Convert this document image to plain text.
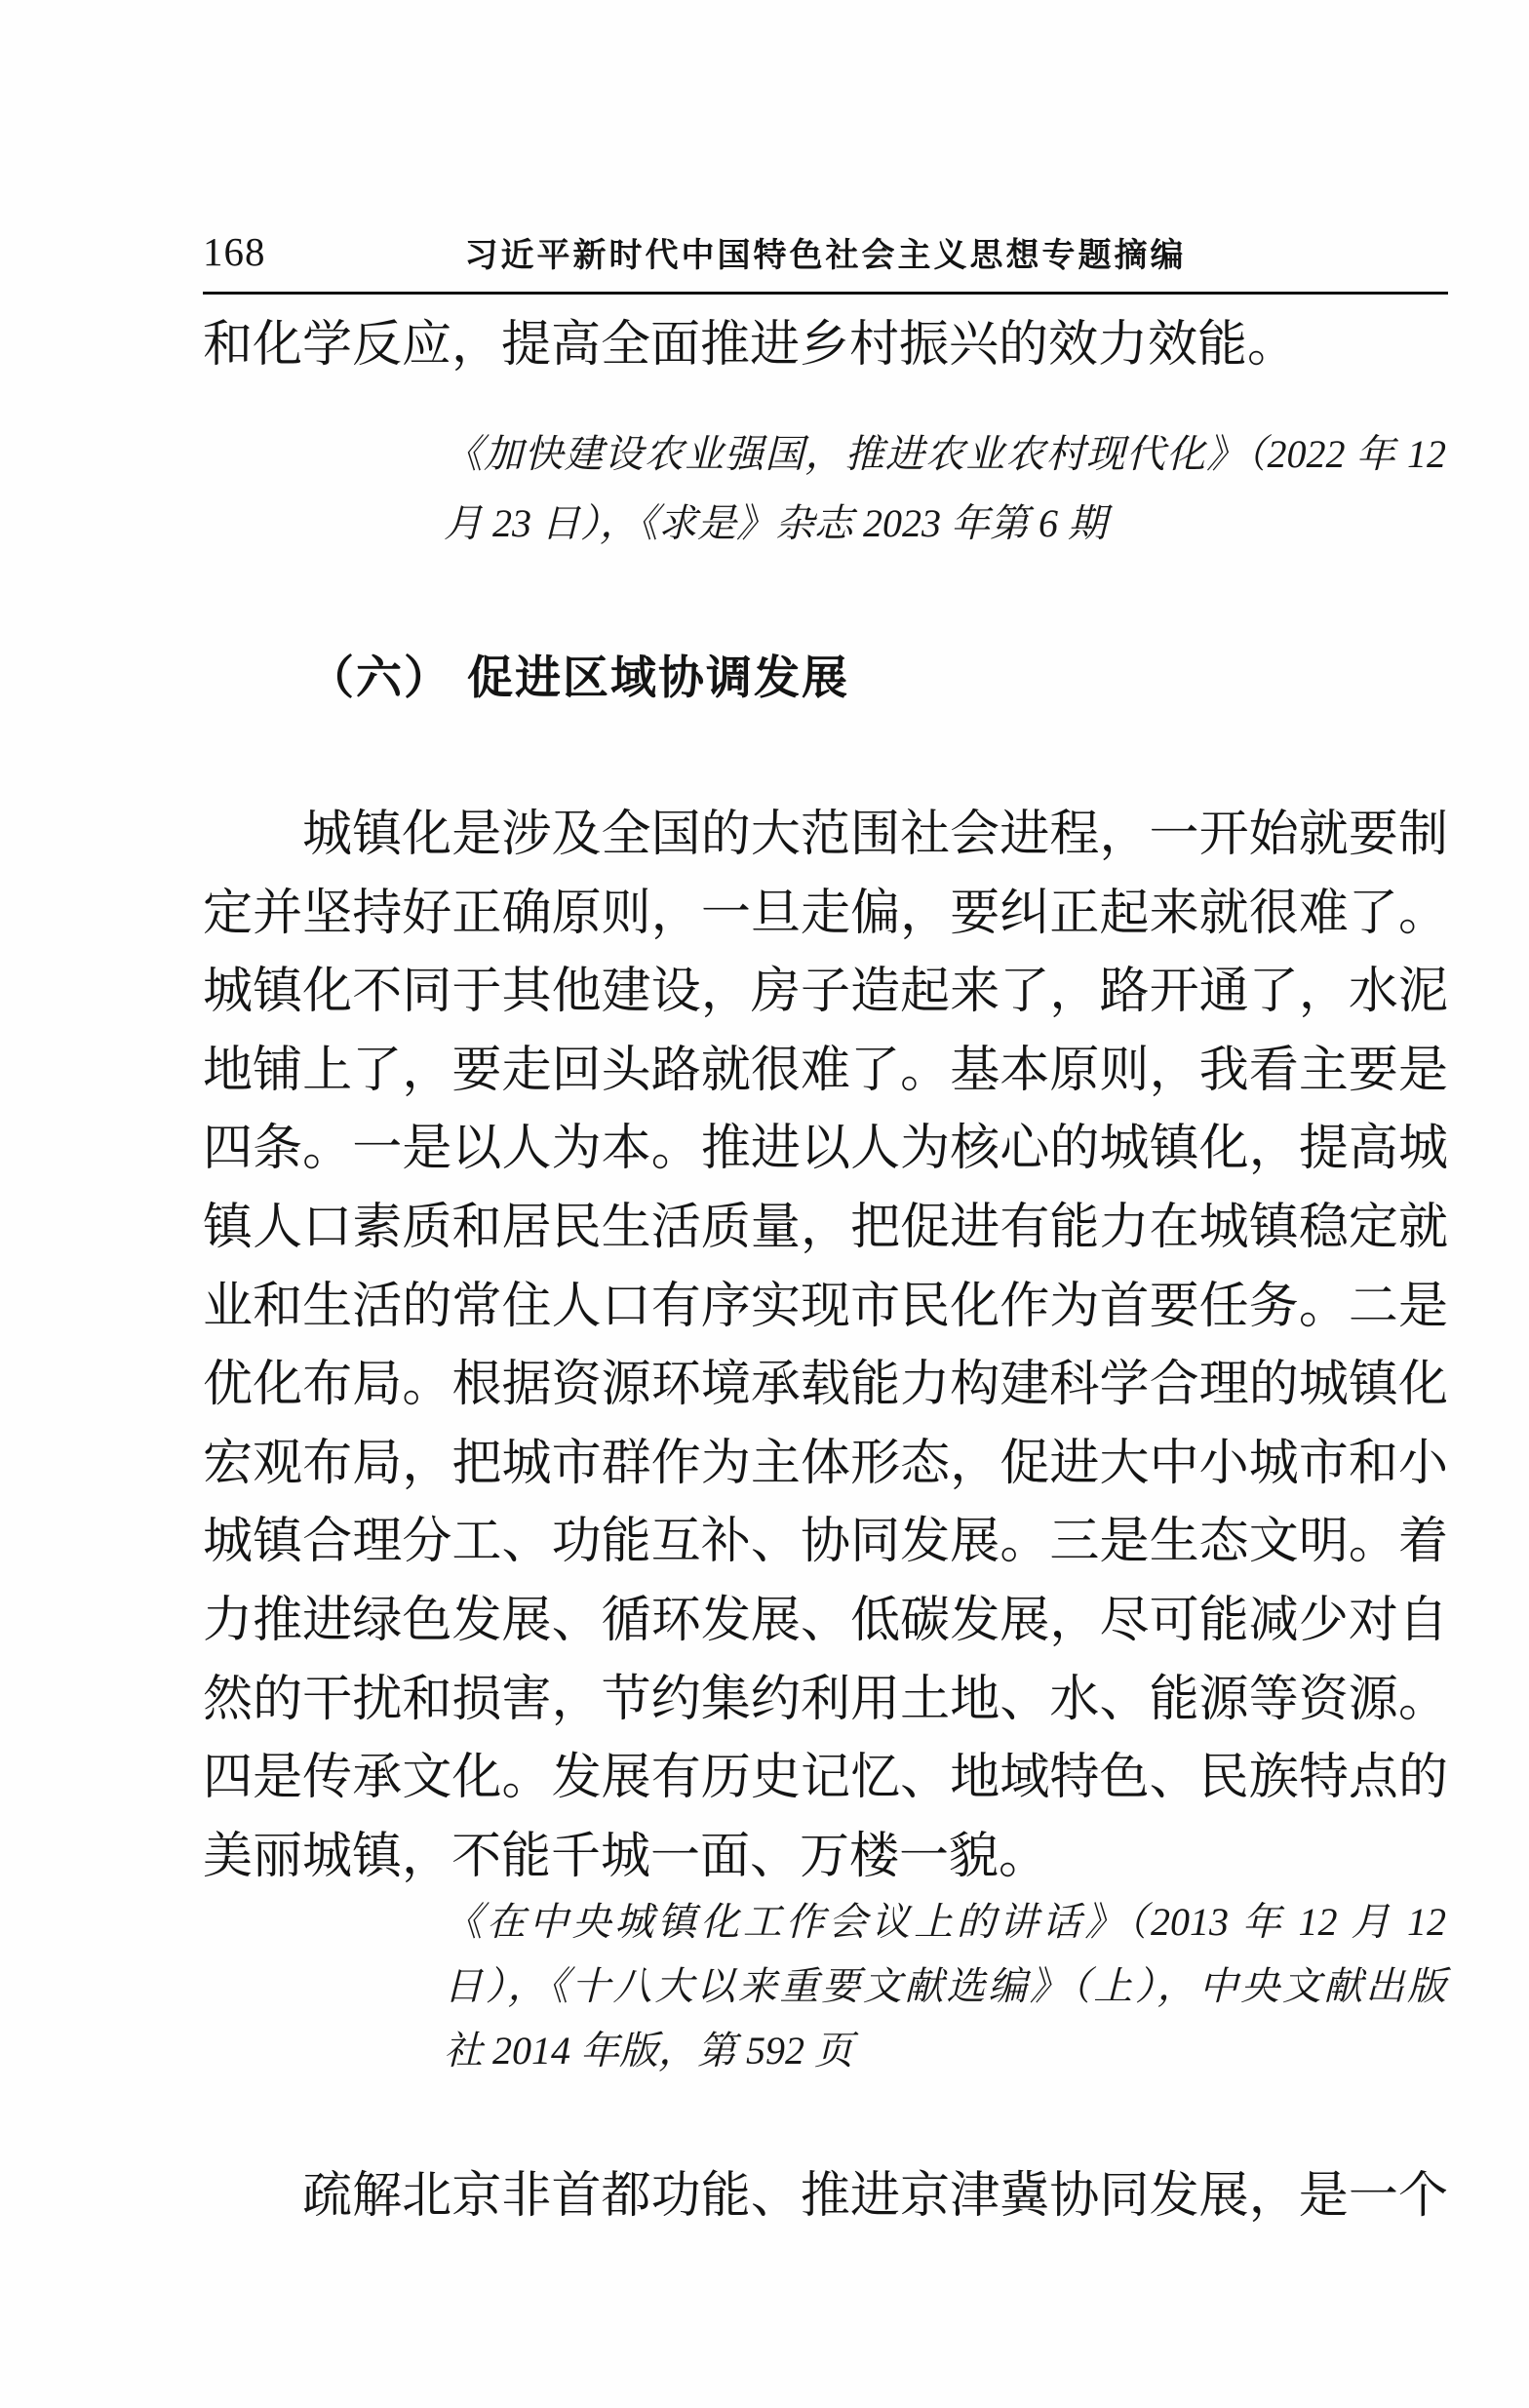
168	习近平新时代中国特色社会主义思想专题摘编
和化学反应，提高全面推进乡村振兴的效力效能。
《加快建设农业强国，推进农业农村现代化》（2022 年 12
月 23 日），《求是》杂志 2023 年第 6 期
（六） 促进区域协调发展
城镇化是涉及全国的大范围社会进程，一开始就要制
定并坚持好正确原则，一旦走偏，要纠正起来就很难了。
城镇化不同于其他建设，房子造起来了，路开通了，水泥
地铺上了，要走回头路就很难了。基本原则，我看主要是
四条。一是以人为本。推进以人为核心的城镇化，提高城
镇人口素质和居民生活质量，把促进有能力在城镇稳定就
业和生活的常住人口有序实现市民化作为首要任务。二是
优化布局。根据资源环境承载能力构建科学合理的城镇化
宏观布局，把城市群作为主体形态，促进大中小城市和小
城镇合理分工、功能互补、协同发展。三是生态文明。着
力推进绿色发展、循环发展、低碳发展，尽可能减少对自
然的干扰和损害，节约集约利用土地、水、能源等资源。
四是传承文化。发展有历史记忆、地域特色、民族特点的
美丽城镇，不能千城一面、万楼一貌。
《在中央城镇化工作会议上的讲话》（2013 年 12 月 12
日），《十八大以来重要文献选编》（上），中央文献出版
社 2014 年版，第 592 页
疏解北京非首都功能、推进京津冀协同发展，是一个
